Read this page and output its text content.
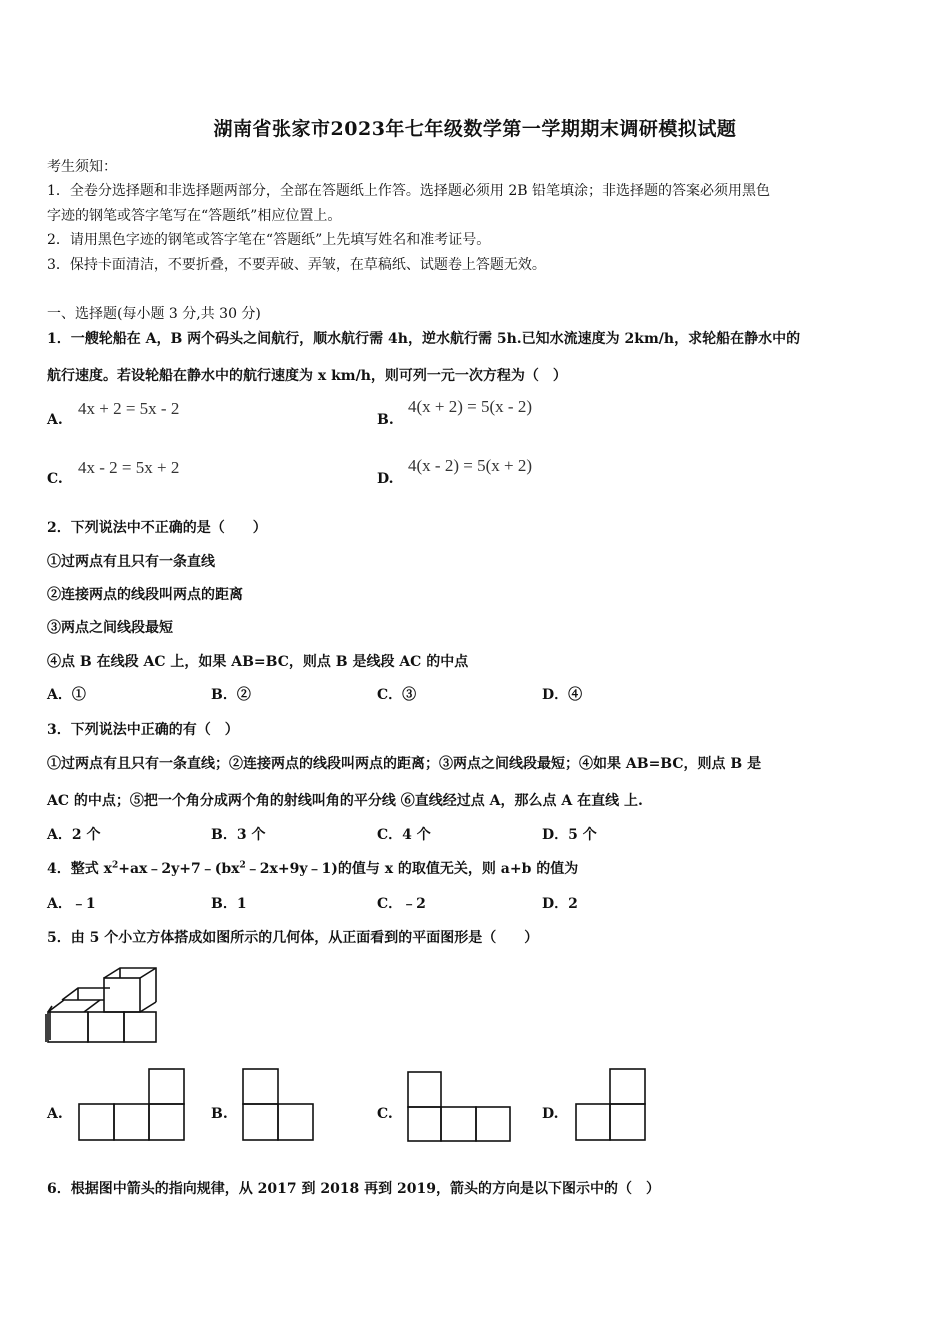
湖南省张家市2023年七年级数学第一学期期末调研模拟试题
考生须知：
1．全卷分选择题和非选择题两部分，全部在答题纸上作答。选择题必须用 2B 铅笔填涂；非选择题的答案必须用黑色
字迹的钢笔或答字笔写在“答题纸”相应位置上。
2．请用黑色字迹的钢笔或答字笔在“答题纸”上先填写姓名和准考证号。
3．保持卡面清洁，不要折叠，不要弄破、弄皱，在草稿纸、试题卷上答题无效。
一、选择题(每小题 3 分,共 30 分)
1．一艘轮船在 A，B 两个码头之间航行，顺水航行需 4h，逆水航行需 5h.已知水流速度为 2km/h，求轮船在静水中的
航行速度。若设轮船在静水中的航行速度为 x km/h，则可列一元一次方程为（　）
A.
4x + 2 = 5x - 2
B.
4(x + 2) = 5(x - 2)
C.
4x - 2 = 5x + 2
D.
4(x - 2) = 5(x + 2)
2．下列说法中不正确的是（　　）
①过两点有且只有一条直线
②连接两点的线段叫两点的距离
③两点之间线段最短
④点 B 在线段 AC 上，如果 AB=BC，则点 B 是线段 AC 的中点
A．①	B．②	C．③	D．④
3．下列说法中正确的有（　）
①过两点有且只有一条直线；②连接两点的线段叫两点的距离；③两点之间线段最短；④如果 AB=BC，则点 B 是
AC 的中点；⑤把一个角分成两个角的射线叫角的平分线 ⑥直线经过点 A，那么点 A 在直线 上.
A．2 个	B．3 个	C．4 个	D．5 个
4．整式 $x^2+ax﹣2y+7﹣(bx^2﹣2x+9y﹣1)$的值与 x 的取值无关，则 a+b 的值为
A．﹣1	B．1	C．﹣2	D．2
5．由 5 个小立方体搭成如图所示的几何体，从正面看到的平面图形是（　　）
A.	B.	C.	D.
6．根据图中箭头的指向规律，从 2017 到 2018 再到 2019，箭头的方向是以下图示中的（　）
